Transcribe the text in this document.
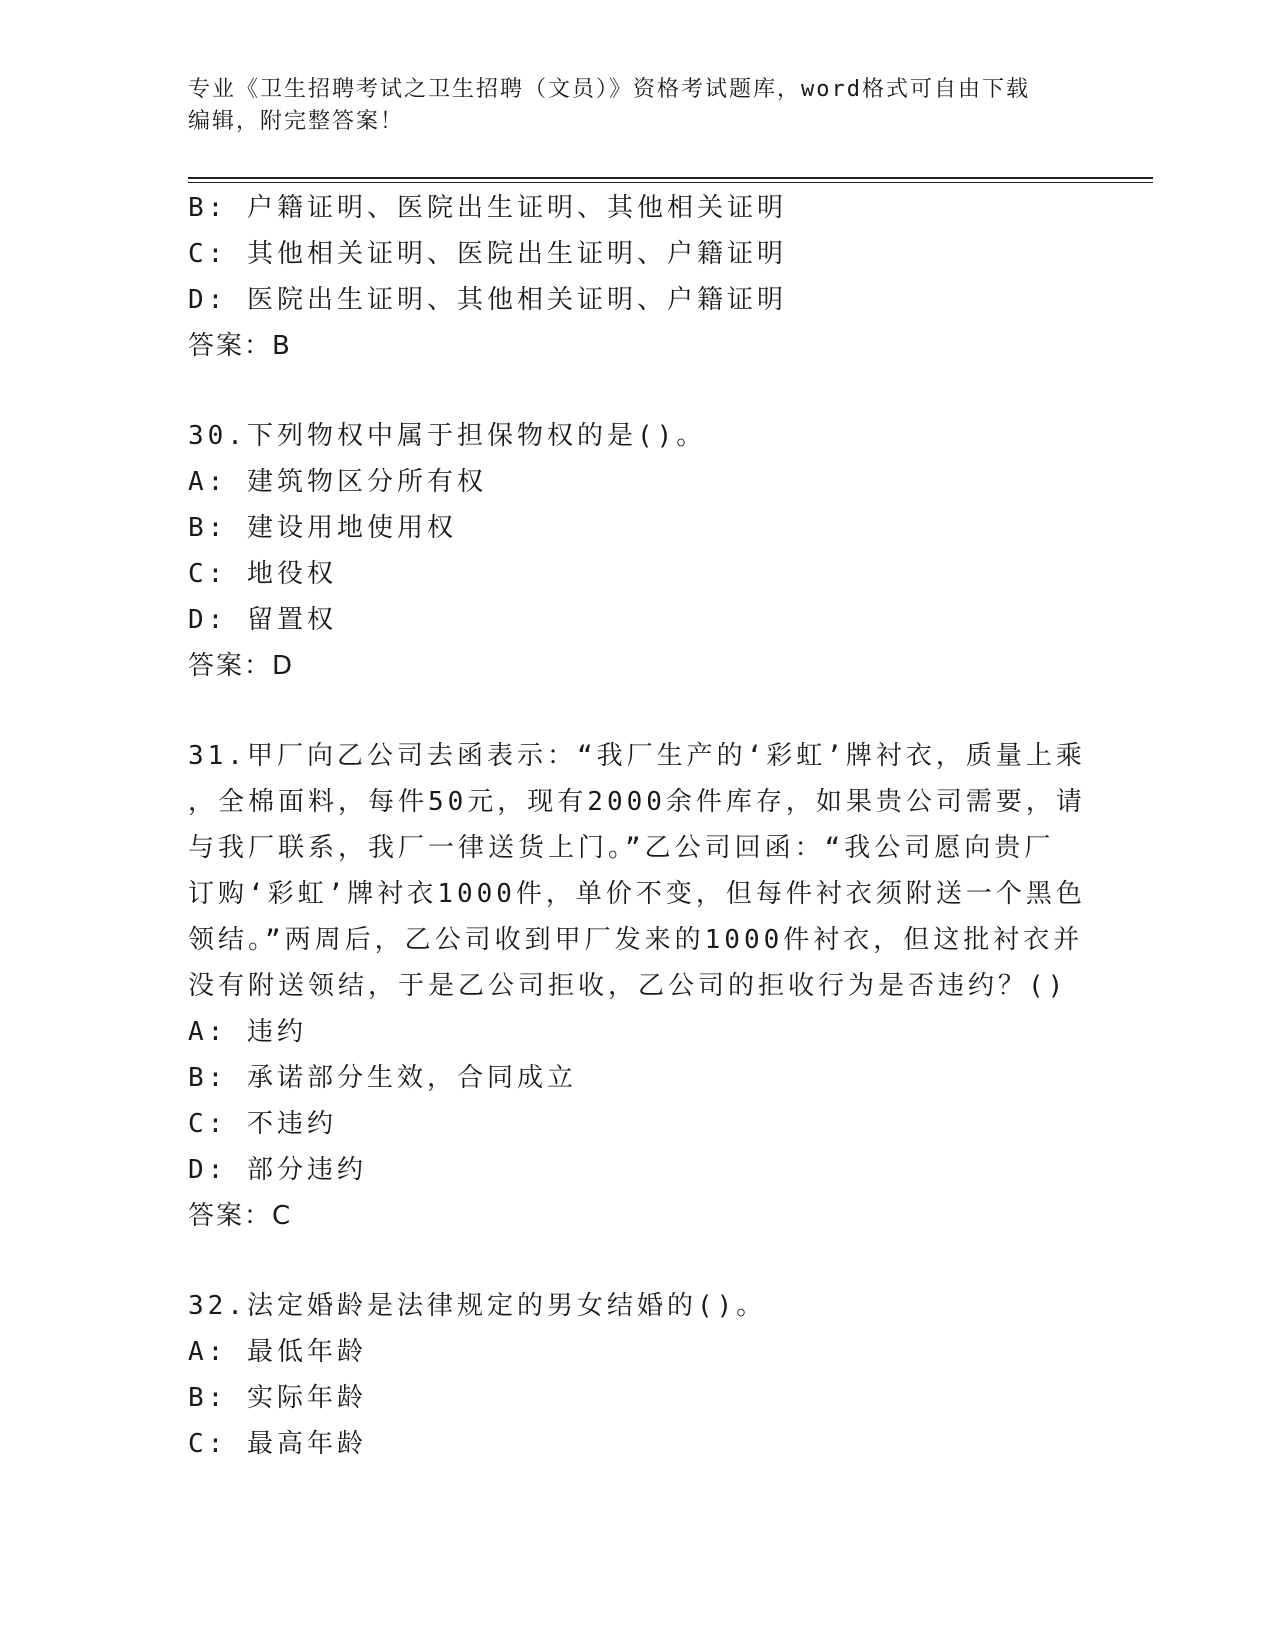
专业《卫生招聘考试之卫生招聘（文员）》资格考试题库，word格式可自由下载
编辑，附完整答案！
B: 户籍证明、医院出生证明、其他相关证明
C: 其他相关证明、医院出生证明、户籍证明
D: 医院出生证明、其他相关证明、户籍证明
答案：B
30.下列物权中属于担保物权的是()。
A: 建筑物区分所有权
B: 建设用地使用权
C: 地役权
D: 留置权
答案：D
31.甲厂向乙公司去函表示：“我厂生产的‘彩虹’牌衬衣，质量上乘
，全棉面料，每件50元，现有2000余件库存，如果贵公司需要，请
与我厂联系，我厂一律送货上门。”乙公司回函：“我公司愿向贵厂
订购‘彩虹’牌衬衣1000件，单价不变，但每件衬衣须附送一个黑色
领结。”两周后，乙公司收到甲厂发来的1000件衬衣，但这批衬衣并
没有附送领结，于是乙公司拒收，乙公司的拒收行为是否违约？()
A: 违约
B: 承诺部分生效，合同成立
C: 不违约
D: 部分违约
答案：C
32.法定婚龄是法律规定的男女结婚的()。
A: 最低年龄
B: 实际年龄
C: 最高年龄
